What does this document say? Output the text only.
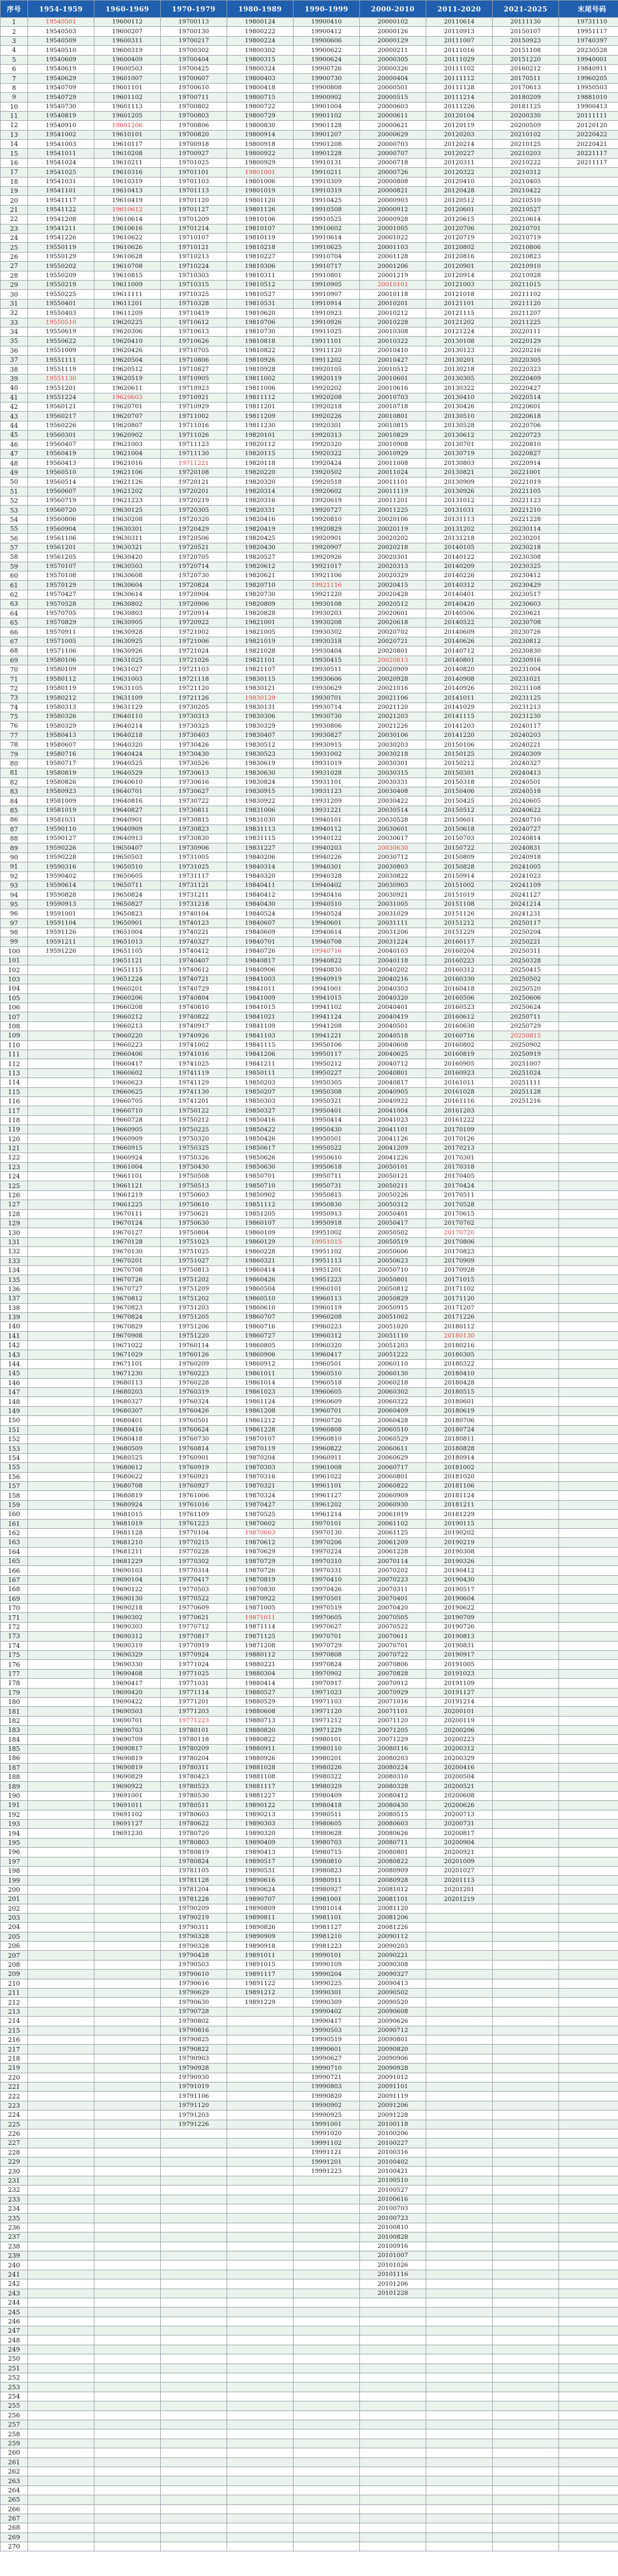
序号	1954-1959	1960-1969	1970-1979	1980-1989	1990-1999	2000-2010	2011-2020	2021-2025	末尾号码
1	19540501	19600112	19700113	19800124	19900410	20000102	20110614	20111130	19731110
2	19540503	19600207	19700130	19800222	19900412	20000126	20110913	20150107	19951117
3	19540509	19600311	19700217	19800224	19900606	20000129	20111007	20150923	19740397
4	19540510	19600319	19700302	19800302	19900622	20000211	20111016	20151108	20230528
5	19540609	19600409	19700404	19800315	19900624	20000305	20111029	20151220	19940001
6	19540619	19600503	19700425	19800324	19900726	20000326	20111102	20160212	19840911
7	19540629	19601007	19700607	19800403	19900730	20000404	20111112	20170511	19960205
8	19540709	19601101	19700610	19800418	19900808	20000501	20111128	20170613	19950503
9	19540729	19601102	19700711	19800715	19900902	20000515	20111214	20180209	19881010
10	19540730	19601113	19700802	19800722	19901004	20000603	20111226	20181125	19900413
11	19540819	19601205	19700803	19800729	19901102	20000611	20120104	20200330	20111111
12	19540910	19601206	19700806	19800830	19901128	20000621	20120119	20200509	20120120
13	19541002	19610101	19700820	19800914	19901207	20000629	20120203	20210102	20220422
14	19541003	19610117	19700918	19800918	19901208	20000703	20120214	20210125	20220421
15	19541011	19610208	19700927	19800922	19901228	20000707	20120227	20210203	20221117
16	19541024	19610211	19701025	19800929	19910131	20000718	20120311	20210222	20211117
17	19541025	19610316	19701101	19801001	19910211	20000726	20120322	20210312	
18	19541031	19610319	19701103	19801006	19910309	20000808	20120410	20210405	
19	19541101	19610413	19701113	19801019	19910319	20000821	20120428	20210422	
20	19541117	19610419	19701120	19801120	19910425	20000903	20120512	20210510	
21	19541122	19610612	19701127	19801126	19910508	20000912	20120601	20210527	
22	19541208	19610614	19701209	19810106	19910525	20000928	20120615	20210614	
23	19541211	19610616	19701214	19810107	19910602	20001005	20120706	20210701	
24	19541226	19610622	19710107	19810119	19910614	20001022	20120719	20210719	
25	19550119	19610626	19710121	19810218	19910625	20001103	20120802	20210806	
26	19550129	19610628	19710213	19810227	19910704	20001128	20120816	20210823	
27	19550202	19610708	19710224	19810306	19910717	20001206	20120901	20210910	
28	19550209	19610815	19710303	19810311	19910801	20001219	20120914	20210928	
29	19550219	19611009	19710315	19810512	19910905	20010101	20121003	20211015	
30	19550225	19611111	19710325	19810527	19910907	20010118	20121018	20211102	
31	19550401	19611201	19710328	19810531	19910914	20010201	20121101	20211120	
32	19550403	19611209	19710419	19810620	19910923	20010212	20121115	20211207	
33	19550510	19620225	19710612	19810706	19910926	20010228	20121202	20211225	
34	19550619	19620306	19710613	19810730	19911025	20010308	20121224	20220111	
35	19550622	19620410	19710626	19810818	19911101	20010322	20130108	20220129	
36	19551009	19620426	19710705	19810822	19911120	20010410	20130123	20220216	
37	19551111	19620504	19710806	19810926	19911202	20010427	20130201	20220305	
38	19551119	19620512	19710827	19810928	19920105	20010512	20130218	20220323	
39	19551130	19620519	19710905	19811002	19920119	20010601	20130305	20220409	
40	19551201	19620611	19710923	19811006	19920202	20010616	20130322	20220427	
41	19551224	19620603	19710921	19811112	19920208	20010703	20130410	20220514	
42	19560121	19620701	19710929	19811201	19920218	20010718	20130426	20220601	
43	19560217	19620707	19711002	19811209	19920226	20010801	20130510	20220618	
44	19560226	19620807	19711016	19811230	19920301	20010815	20130528	20220706	
45	19560301	19620902	19711026	19820101	19920313	20010829	20130612	20220723	
46	19560407	19621003	19711123	19820112	19920320	20010908	20130701	20220810	
47	19560419	19621004	19711130	19820115	19920322	20010929	20130719	20220827	
48	19560413	19621016	19711221	19820118	19920424	20011008	20130803	20220914	
49	19560510	19621106	19720108	19820220	19920502	20011024	20130821	20221001	
50	19560514	19621126	19720121	19820320	19920518	20011101	20130909	20221019	
51	19560607	19621202	19720201	19820314	19920602	20011119	20130926	20221105	
52	19560719	19621223	19720219	19820316	19920619	20011201	20131012	20221123	
53	19560720	19630125	19720305	19820331	19920727	20011225	20131031	20221210	
54	19560806	19630208	19720320	19820416	19920810	20020106	20131113	20221228	
55	19560904	19630301	19720429	19820419	19920829	20020119	20131202	20230114	
56	19561106	19630311	19720506	19820425	19920901	20020202	20131218	20230201	
57	19561201	19630321	19720521	19820430	19920907	20020218	20140105	20230218	
58	19561205	19630420	19720705	19820527	19920926	20020301	20140122	20230308	
59	19570107	19630503	19720714	19820612	19921017	20020313	20140209	20230325	
60	19570108	19630608	19720730	19820621	19921106	20020329	20140226	20230412	
61	19570129	19630604	19720824	19820710	19921116	20020415	20140312	20230429	
62	19570427	19630614	19720904	19820730	19921220	20020428	20140401	20230517	
63	19570528	19630802	19720906	19820809	19930108	20020512	20140420	20230603	
64	19570705	19630803	19720914	19820828	19930203	20020601	20140506	20230621	
65	19570829	19630905	19720922	19821001	19930208	20020618	20140522	20230708	
66	19570911	19630928	19721002	19821005	19930302	20020702	20140609	20230726	
67	19571005	19630925	19721006	19821019	19930318	20020721	20140626	20230812	
68	19571106	19630926	19721024	19821028	19930404	20020801	20140712	20230830	
69	19580106	19631025	19721026	19821101	19930415	20020813	20140801	20230916	
70	19580109	19631027	19721103	19821107	19930511	20020909	20140820	20231004	
71	19580112	19631003	19721118	19830115	19930606	20020928	20140908	20231021	
72	19580119	19631105	19721120	19830121	19930629	20021016	20140926	20231108	
73	19580212	19631109	19721126	19830129	19930701	20021106	20141011	20231125	
74	19580313	19631129	19730205	19830131	19930714	20021120	20141029	20231213	
75	19580326	19640110	19730313	19830306	19930730	20021203	20141115	20231230	
76	19580329	19640214	19730325	19830329	19930806	20021226	20141203	20240117	
77	19580413	19640218	19730403	19830407	19930827	20030106	20141220	20240203	
78	19580607	19640320	19730426	19830512	19930915	20030203	20150106	20240221	
79	19580716	19640424	19730430	19830523	19931002	20030218	20150125	20240309	
80	19580717	19640525	19730526	19830619	19931019	20030301	20150212	20240327	
81	19580819	19640529	19730613	19830630	19931028	20030315	20150301	20240413	
82	19580826	19640610	19730616	19830824	19931101	20030331	20150318	20240501	
83	19580923	19640701	19730627	19830915	19931123	20030408	20150406	20240518	
84	19581009	19640816	19730722	19830922	19931209	20030422	20150425	20240605	
85	19581019	19640827	19730811	19831006	19931221	20030514	20150512	20240622	
86	19581031	19640901	19730815	19831030	19940101	20030528	20150601	20240710	
87	19590110	19640909	19730823	19831113	19940112	20030601	20150618	20240727	
88	19590127	19640913	19730830	19831115	19940122	20030617	20150703	20240814	
89	19590226	19650407	19730906	19831227	19940203	20030630	20150722	20240831	
90	19590228	19650503	19731005	19840206	19940226	20030712	20150809	20240918	
91	19590316	19650510	19731025	19840314	19940301	20030803	20150828	20241005	
92	19590402	19650605	19731117	19840320	19940328	20030822	20150914	20241023	
93	19590614	19650711	19731121	19840411	19940402	20030903	20151002	20241109	
94	19590828	19650824	19731211	19840412	19940416	20030921	20151019	20241127	
95	19590913	19650827	19731218	19840430	19940510	20031005	20151108	20241214	
96	19591001	19650823	19740104	19840524	19940524	20031029	20151126	20241231	
97	19591104	19650901	19740123	19840607	19940601	20031111	20151212	20250117	
98	19591126	19651004	19740221	19840609	19940614	20031206	20151229	20250204	
99	19591211	19651013	19740327	19840701	19940708	20031224	20160117	20250221	
100	19591226	19651105	19740412	19840726	19940716	20040103	20160204	20250311	
101		19651121	19740407	19840817	19940822	20040118	20160223	20250328	
102		19651115	19740612	19840906	19940830	20040202	20160312	20250415	
103		19651224	19740721	19841003	19940919	20040216	20160330	20250502	
104		19660201	19740729	19841011	19941001	20040303	20160418	20250520	
105		19660206	19740804	19841009	19941015	20040320	20160506	20250606	
106		19660208	19740810	19841015	19941102	20040401	20160523	20250624	
107		19660212	19740822	19841021	19941124	20040419	20160612	20250711	
108		19660213	19740917	19841109	19941208	20040501	20160630	20250729	
109		19660220	19740926	19841103	19941221	20040518	20160716	20250815	
110		19660223	19741002	19841115	19950106	20040608	20160802	20250902	
111		19660406	19741016	19841206	19950117	20040625	20160819	20250919	
112		19660417	19741025	19841211	19950212	20040712	20160905	20251007	
113		19660602	19741119	19850111	19950227	20040801	20160923	20251024	
114		19660623	19741129	19850203	19950305	20040817	20161011	20251111	
115		19660625	19741130	19850207	19950308	20040905	20161028	20251128	
116		19660705	19741201	19850303	19950321	20040922	20161116	20251216	
117		19660710	19750122	19850327	19950401	20041004	20161203		
118		19660728	19750212	19850416	19950414	20041023	20161222		
119		19660905	19750225	19850422	19950430	20041101	20170109		
120		19660909	19750320	19850426	19950501	20041126	20170126		
121		19660915	19750325	19850617	19950522	20041209	20170213		
122		19660924	19750326	19850626	19950610	20041226	20170301		
123		19661004	19750430	19850630	19950618	20050101	20170318		
124		19661101	19750508	19850701	19950711	20050121	20170405		
125		19661121	19750513	19850710	19950731	20050211	20170424		
126		19661219	19750603	19850902	19950815	20050226	20170511		
127		19661225	19750610	19851112	19950830	20050312	20170528		
128		19670111	19750621	19851205	19950913	20050401	20170615		
129		19670124	19750630	19860107	19950918	20050417	20170702		
130		19670127	19750804	19860109	19951002	20050502	20170720		
131		19670128	19751023	19860129	19951015	20050519	20170806		
132		19670130	19751025	19860228	19951102	20050606	20170823		
133		19670201	19751027	19860321	19951113	20050623	20170909		
134		19670708	19750813	19860414	19951201	20050710	20170928		
135		19670726	19751202	19860426	19951223	20050801	20171015		
136		19670727	19751209	19860504	19960101	20050812	20171102		
137		19670812	19751202	19860510	19960113	20050829	20171120		
138		19670823	19751203	19860610	19960119	20050915	20171207		
139		19670824	19751205	19860707	19960208	20051002	20171226		
140		19670829	19751206	19860716	19960223	20051020	20180112		
141		19670908	19751220	19860727	19960312	20051110	20180130		
142		19671022	19760114	19860805	19960320	20051203	20180216		
143		19671029	19760126	19860906	19960417	20051222	20180305		
144		19671101	19760209	19860912	19960501	20060110	20180322		
145		19671230	19760223	19861011	19960510	20060130	20180410		
146		19680113	19760228	19861014	19960518	20060218	20180428		
147		19680203	19760319	19861023	19960605	20060302	20180515		
148		19680327	19760324	19861124	19960609	20060322	20180601		
149		19680307	19760426	19861208	19960701	20060409	20180619		
150		19680401	19760501	19861212	19960726	20060428	20180706		
151		19680416	19760624	19861228	19960808	20060510	20180724		
152		19680418	19760730	19870107	19960810	20060529	20180811		
153		19680509	19760814	19870119	19960822	20060611	20180828		
154		19680525	19760901	19870204	19960911	20060629	20180914		
155		19680612	19760919	19870303	19961008	20060717	20181002		
156		19680622	19760921	19870316	19961022	20060801	20181020		
157		19680708	19760927	19870321	19961101	20060822	20181106		
158		19680819	19761006	19870324	19961127	20060909	20181124		
159		19680924	19761016	19870427	19961202	20060930	20181211		
160		19681015	19761109	19870525	19961214	20061019	20181229		
161		19681019	19761223	19870602	19970101	20061102	20190115		
162		19681128	19770104	19870603	19970130	20061125	20190202		
163		19681210	19770215	19870612	19970206	20061209	20190219		
164		19681211	19770228	19870629	19970224	20061228	20190308		
165		19681229	19770302	19870729	19970310	20070114	20190326		
166		19690103	19770314	19870726	19970331	20070202	20190412		
167		19690104	19770417	19870819	19970410	20070223	20190430		
168		19690122	19770503	19870830	19970426	20070311	20190517		
169		19690130	19770522	19870922	19970501	20070401	20190604		
170		19690218	19770609	19871005	19970519	20070420	20190622		
171		19690302	19770621	19871011	19970605	20070505	20190709		
172		19690303	19770712	19871114	19970627	20070522	20190726		
173		19690312	19770817	19871125	19970701	20070611	20190813		
174		19690319	19770919	19871208	19970729	20070701	20190831		
175		19690329	19770924	19880112	19970808	20070722	20190917		
176		19690330	19771024	19880221	19970824	20070806	20191005		
177		19690408	19771025	19880304	19970902	20070828	20191023		
178		19690417	19771031	19880414	19970917	20070912	20191109		
179		19690420	19771114	19880527	19971023	20070929	20191127		
180		19690422	19771201	19880529	19971103	20071016	20191214		
181		19690503	19771203	19880608	19971120	20071101	20200101		
182		19690701	19771223	19880713	19971212	20071120	20200119		
183		19690703	19780101	19880820	19971229	20071205	20200206		
184		19690709	19780118	19880822	19980101	20071229	20200223		
185		19690817	19780209	19880911	19980110	20080116	20200312		
186		19690819	19780204	19880926	19980201	20080203	20200329		
187		19690819	19780311	19881028	19980226	20080224	20200416		
188		19690829	19780423	19881108	19980322	20080310	20200504		
189		19690922	19780523	19881117	19980329	20080328	20200521		
190		19691001	19780530	19881227	19980409	20080412	20200608		
191		19691011	19780511	19890122	19980418	20080430	20200626		
192		19691102	19780603	19890213	19980511	20080515	20200713		
193		19691127	19780622	19890303	19980605	20080603	20200731		
194		19691230	19780720	19890320	19980628	20080626	20200817		
195			19780803	19890409	19980703	20080711	20200904		
196			19780819	19890413	19980715	20080801	20200921		
197			19780824	19890517	19980810	20080822	20201009		
198			19781105	19890531	19980823	20080909	20201027		
199			19781128	19890616	19980911	20080928	20201113		
200			19781204	19890624	19980927	20081012	20201201		
201			19781228	19890707	19981001	20081101	20201219		
202			19790209	19890809	19981014	20081120			
203			19790219	19890811	19981101	20081206			
204			19790311	19890826	19981127	20081226			
205			19790328	19890909	19981210	20090112			
206			19790328	19890918	19981223	20090203			
207			19790428	19891011	19990101	20090221			
208			19790503	19891015	19990109	20090308			
209			19790610	19891117	19990204	20090327			
210			19790616	19891122	19990225	20090413			
211			19790629	19891212	19990301	20090502			
212			19790630	19891229	19990309	20090520			
213			19790728		19990402	20090608			
214			19790802		19990417	20090626			
215			19790816		19990503	20090712			
216			19790825		19990519	20090801			
217			19790822		19990601	20090820			
218			19790903		19990627	20090906			
219			19790928		19990710	20090928			
220			19790930		19990721	20091012			
221			19791019		19990803	20091101			
222			19791106		19990820	20091119			
223			19791120		19990902	20091206			
224			19791203		19990925	20091228			
225			19791226		19991001	20100118			
226					19991020	20100206			
227					19991102	20100227			
228					19991121	20100316			
229					19991201	20100402			
230					19991223	20100421			
231						20100510			
232						20100527			
233						20100616			
234						20100703			
235						20100723			
236						20100810			
237						20100828			
238						20100916			
239						20101007			
240						20101026			
241						20101116			
242						20101206			
243						20101228			
244									
245									
246									
247									
248									
249									
250									
251									
252									
253									
254									
255									
256									
257									
258									
259									
260									
261									
262									
263									
264									
265									
266									
267									
268									
269									
270									
